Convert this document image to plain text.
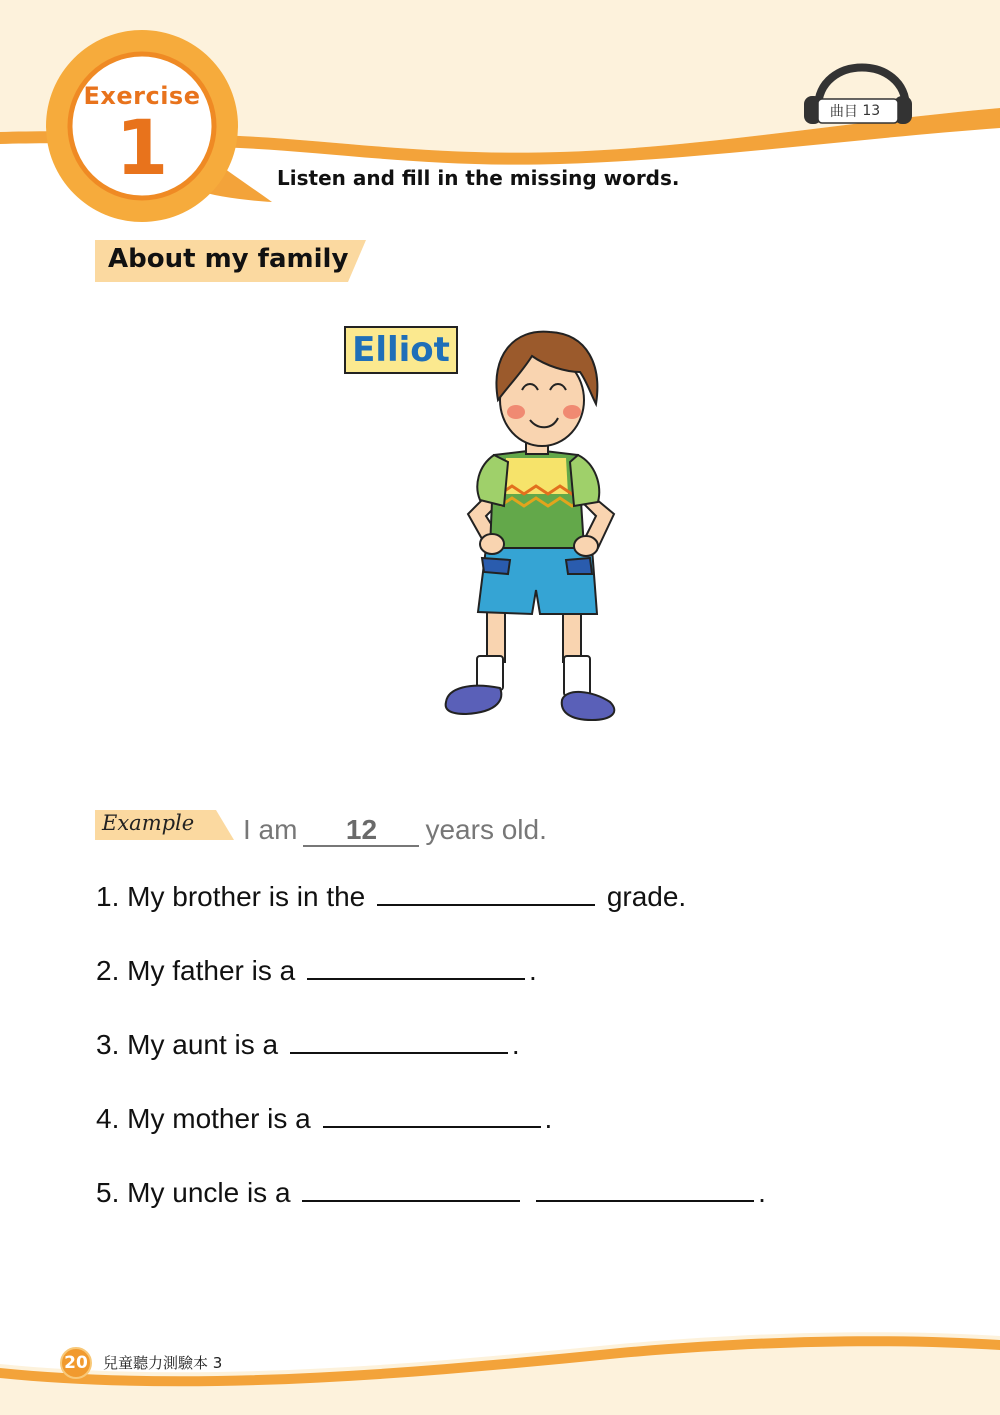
Exercise
1	曲目
13
Listen and fill in the missing words.
About my family
Elliot
Example I am 12 years old.
1. My brother is in the	grade.
2. My father is a	.
3. My aunt is a	.
4. My mother is a	.
5. My uncle is a	.
20 兒童聽力測驗本 3
